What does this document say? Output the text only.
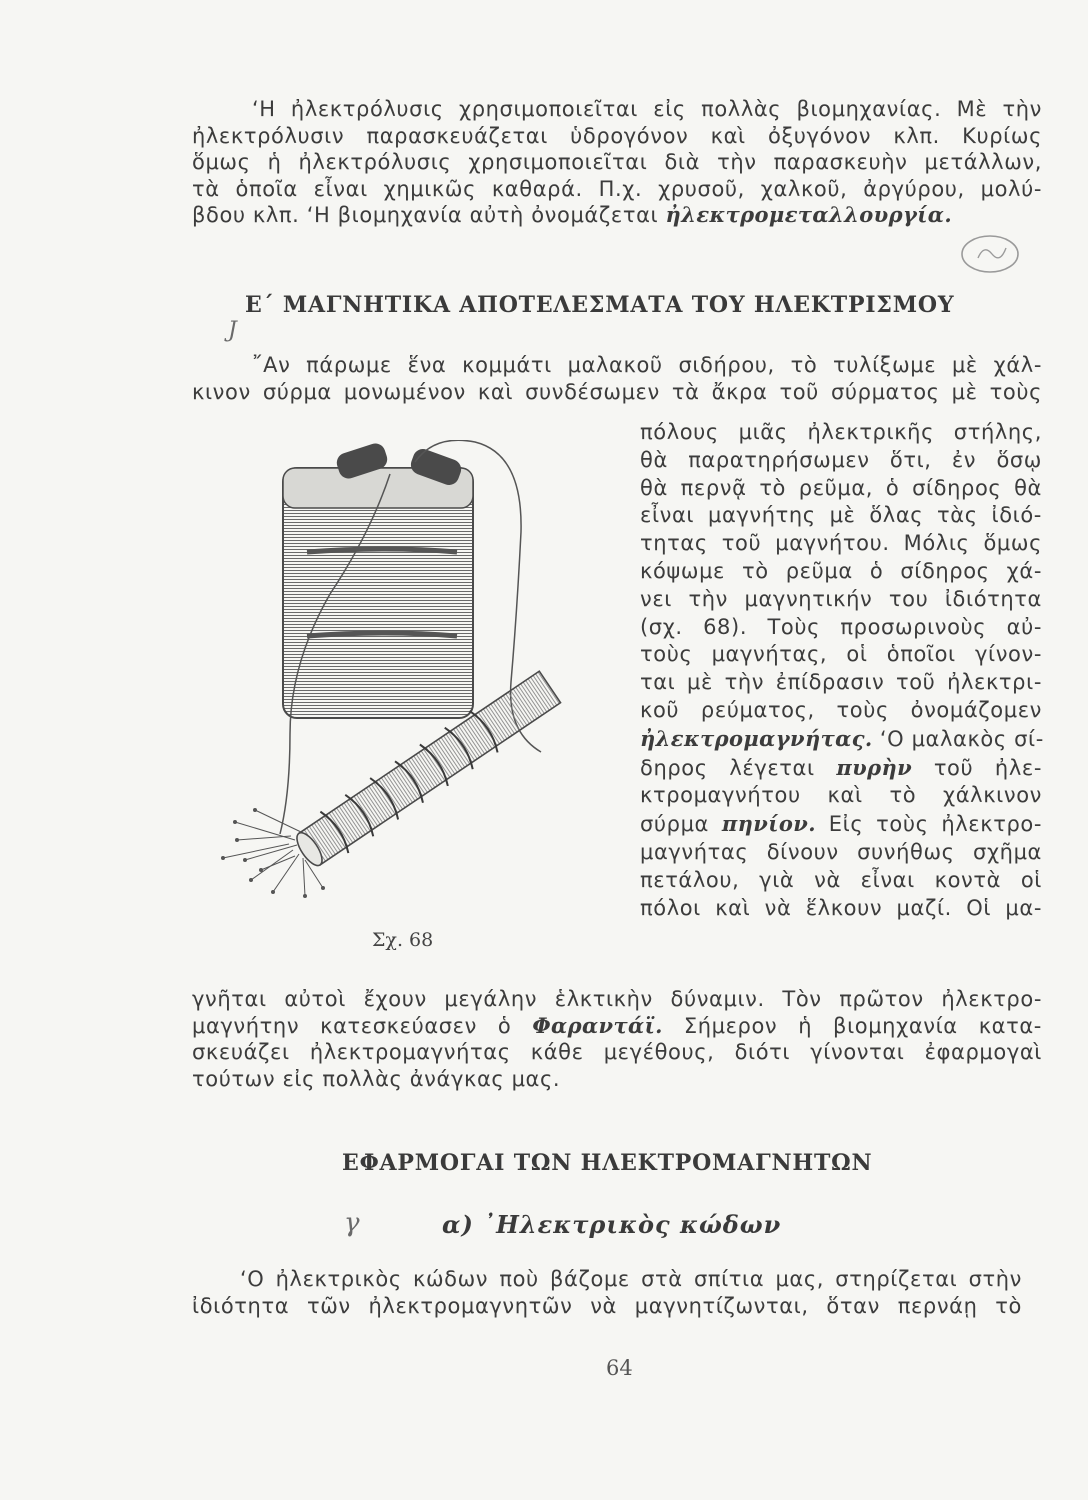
‘Η ἠλεκτρόλυσις χρησιμοποιεῖται εἰς πολλὰς βιομηχανίας. Μὲ τὴν
ἠλεκτρόλυσιν παρασκευάζεται ὑδρογόνον καὶ ὀξυγόνον κλπ. Κυρίως
ὅμως ἡ ἠλεκτρόλυσις χρησιμοποιεῖται διὰ τὴν παρασκευὴν μετάλλων,
τὰ ὁποῖα εἶναι χημικῶς καθαρά. Π.χ. χρυσοῦ, χαλκοῦ, ἀργύρου, μολύ-
βδου κλπ. ‘Η βιομηχανία αὐτὴ ὀνομάζεται ἠλεκτρομεταλλουργία.
Ε΄ ΜΑΓΝΗΤΙΚΑ ΑΠΟΤΕΛΕΣΜΑΤΑ ΤΟΥ ΗΛΕΚΤΡΙΣΜΟΥ
J
῎Αν πάρωμε ἕνα κομμάτι μαλακοῦ σιδήρου, τὸ τυλίξωμε μὲ χάλ-
κινον σύρμα μονωμένον καὶ συνδέσωμεν τὰ ἄκρα τοῦ σύρματος μὲ τοὺς
πόλους μιᾶς ἠλεκτρικῆς στήλης,
θὰ παρατηρήσωμεν ὅτι, ἐν ὅσῳ
θὰ περνᾷ τὸ ρεῦμα, ὁ σίδηρος θὰ
εἶναι μαγνήτης μὲ ὅλας τὰς ἰδιό-
τητας τοῦ μαγνήτου. Μόλις ὅμως
κόψωμε τὸ ρεῦμα ὁ σίδηρος χά-
νει τὴν μαγνητικήν του ἰδιότητα
(σχ. 68). Τοὺς προσωρινοὺς αὐ-
τοὺς μαγνήτας, οἱ ὁποῖοι γίνον-
ται μὲ τὴν ἐπίδρασιν τοῦ ἠλεκτρι-
κοῦ ρεύματος, τοὺς ὀνομάζομεν
ἠλεκτρομαγνήτας. ‘Ο μαλακὸς σί-
δηρος λέγεται πυρὴν τοῦ ἠλε-
κτρομαγνήτου καὶ τὸ χάλκινον
σύρμα πηνίον. Εἰς τοὺς ἠλεκτρο-
μαγνήτας δίνουν συνήθως σχῆμα
πετάλου, γιὰ νὰ εἶναι κοντὰ οἱ
πόλοι καὶ νὰ ἕλκουν μαζί. Οἱ μα-
γνῆται αὐτοὶ ἔχουν μεγάλην ἑλκτικὴν δύναμιν. Τὸν πρῶτον ἠλεκτρο-
μαγνήτην κατεσκεύασεν ὁ Φαραντάϊ. Σήμερον ἡ βιομηχανία κατα-
σκευάζει ἠλεκτρομαγνήτας κάθε μεγέθους, διότι γίνονται ἐφαρμογαὶ
τούτων εἰς πολλὰς ἀνάγκας μας.
Σχ. 68
ΕΦΑΡΜΟΓΑΙ ΤΩΝ ΗΛΕΚΤΡΟΜΑΓΝΗΤΩΝ
γ	α) ᾿Ηλεκτρικὸς κώδων
‘Ο ἠλεκτρικὸς κώδων ποὺ βάζομε στὰ σπίτια μας, στηρίζεται στὴν
ἰδιότητα τῶν ἠλεκτρομαγνητῶν νὰ μαγνητίζωνται, ὅταν περνάῃ τὸ
64
